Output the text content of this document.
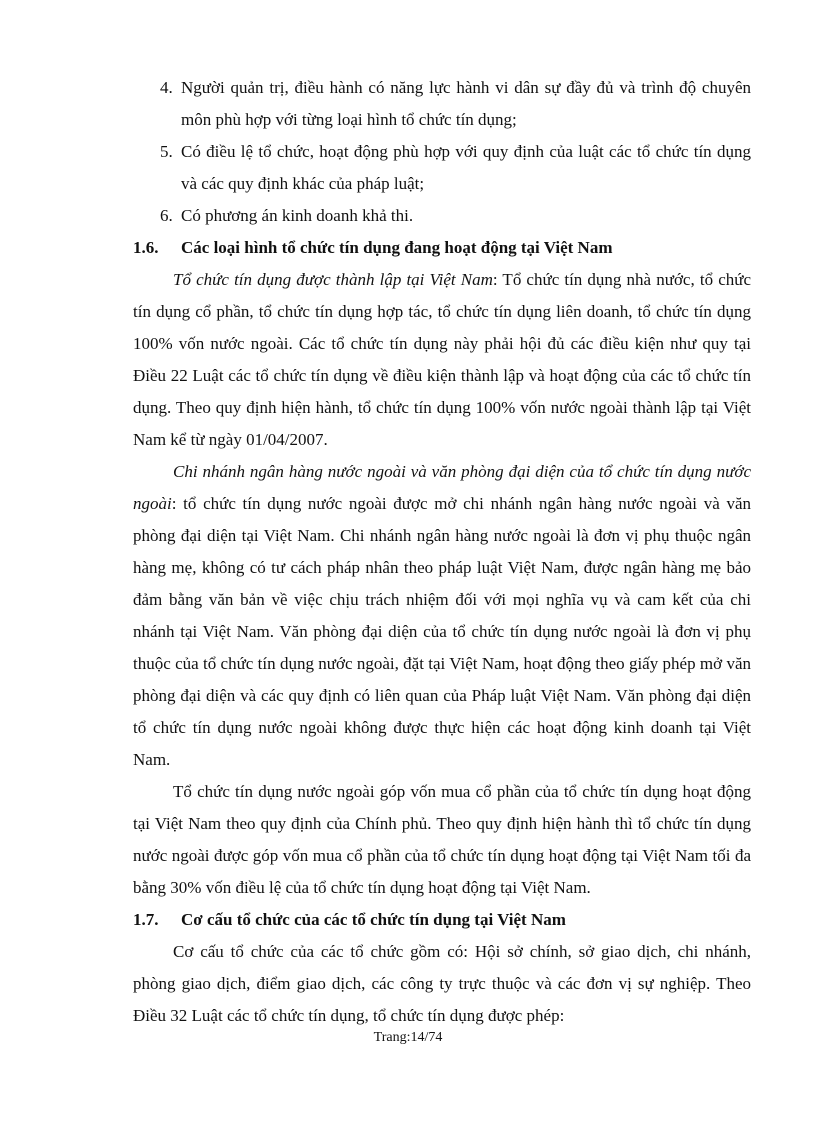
4. Người quản trị, điều hành có năng lực hành vi dân sự đầy đủ và trình độ chuyên môn phù hợp với từng loại hình tổ chức tín dụng;
5. Có điều lệ tổ chức, hoạt động phù hợp với quy định của luật các tổ chức tín dụng và các quy định khác của pháp luật;
6. Có phương án kinh doanh khả thi.
1.6. Các loại hình tổ chức tín dụng đang hoạt động tại Việt Nam
Tổ chức tín dụng được thành lập tại Việt Nam: Tổ chức tín dụng nhà nước, tổ chức tín dụng cổ phần, tổ chức tín dụng hợp tác, tổ chức tín dụng liên doanh, tổ chức tín dụng 100% vốn nước ngoài. Các tổ chức tín dụng này phải hội đủ các điều kiện như quy tại Điều 22 Luật các tổ chức tín dụng về điều kiện thành lập và hoạt động của các tổ chức tín dụng. Theo quy định hiện hành, tổ chức tín dụng 100% vốn nước ngoài thành lập tại Việt Nam kể từ ngày 01/04/2007.
Chi nhánh ngân hàng nước ngoài và văn phòng đại diện của tổ chức tín dụng nước ngoài: tổ chức tín dụng nước ngoài được mở chi nhánh ngân hàng nước ngoài và văn phòng đại diện tại Việt Nam. Chi nhánh ngân hàng nước ngoài là đơn vị phụ thuộc ngân hàng mẹ, không có tư cách pháp nhân theo pháp luật Việt Nam, được ngân hàng mẹ bảo đảm bằng văn bản về việc chịu trách nhiệm đối với mọi nghĩa vụ và cam kết của chi nhánh tại Việt Nam. Văn phòng đại diện của tổ chức tín dụng nước ngoài là đơn vị phụ thuộc của tổ chức tín dụng nước ngoài, đặt tại Việt Nam, hoạt động theo giấy phép mở văn phòng đại diện và các quy định có liên quan của Pháp luật Việt Nam. Văn phòng đại diện tổ chức tín dụng nước ngoài không được thực hiện các hoạt động kinh doanh tại Việt Nam.
Tổ chức tín dụng nước ngoài góp vốn mua cổ phần của tổ chức tín dụng hoạt động tại Việt Nam theo quy định của Chính phủ. Theo quy định hiện hành thì tổ chức tín dụng nước ngoài được góp vốn mua cổ phần của tổ chức tín dụng hoạt động tại Việt Nam tối đa bằng 30% vốn điều lệ của tổ chức tín dụng hoạt động tại Việt Nam.
1.7. Cơ cấu tổ chức của các tổ chức tín dụng tại Việt Nam
Cơ cấu tổ chức của các tổ chức gồm có: Hội sở chính, sở giao dịch, chi nhánh, phòng giao dịch, điểm giao dịch, các công ty trực thuộc và các đơn vị sự nghiệp. Theo Điều 32 Luật các tổ chức tín dụng, tổ chức tín dụng được phép:
Trang:14/74
